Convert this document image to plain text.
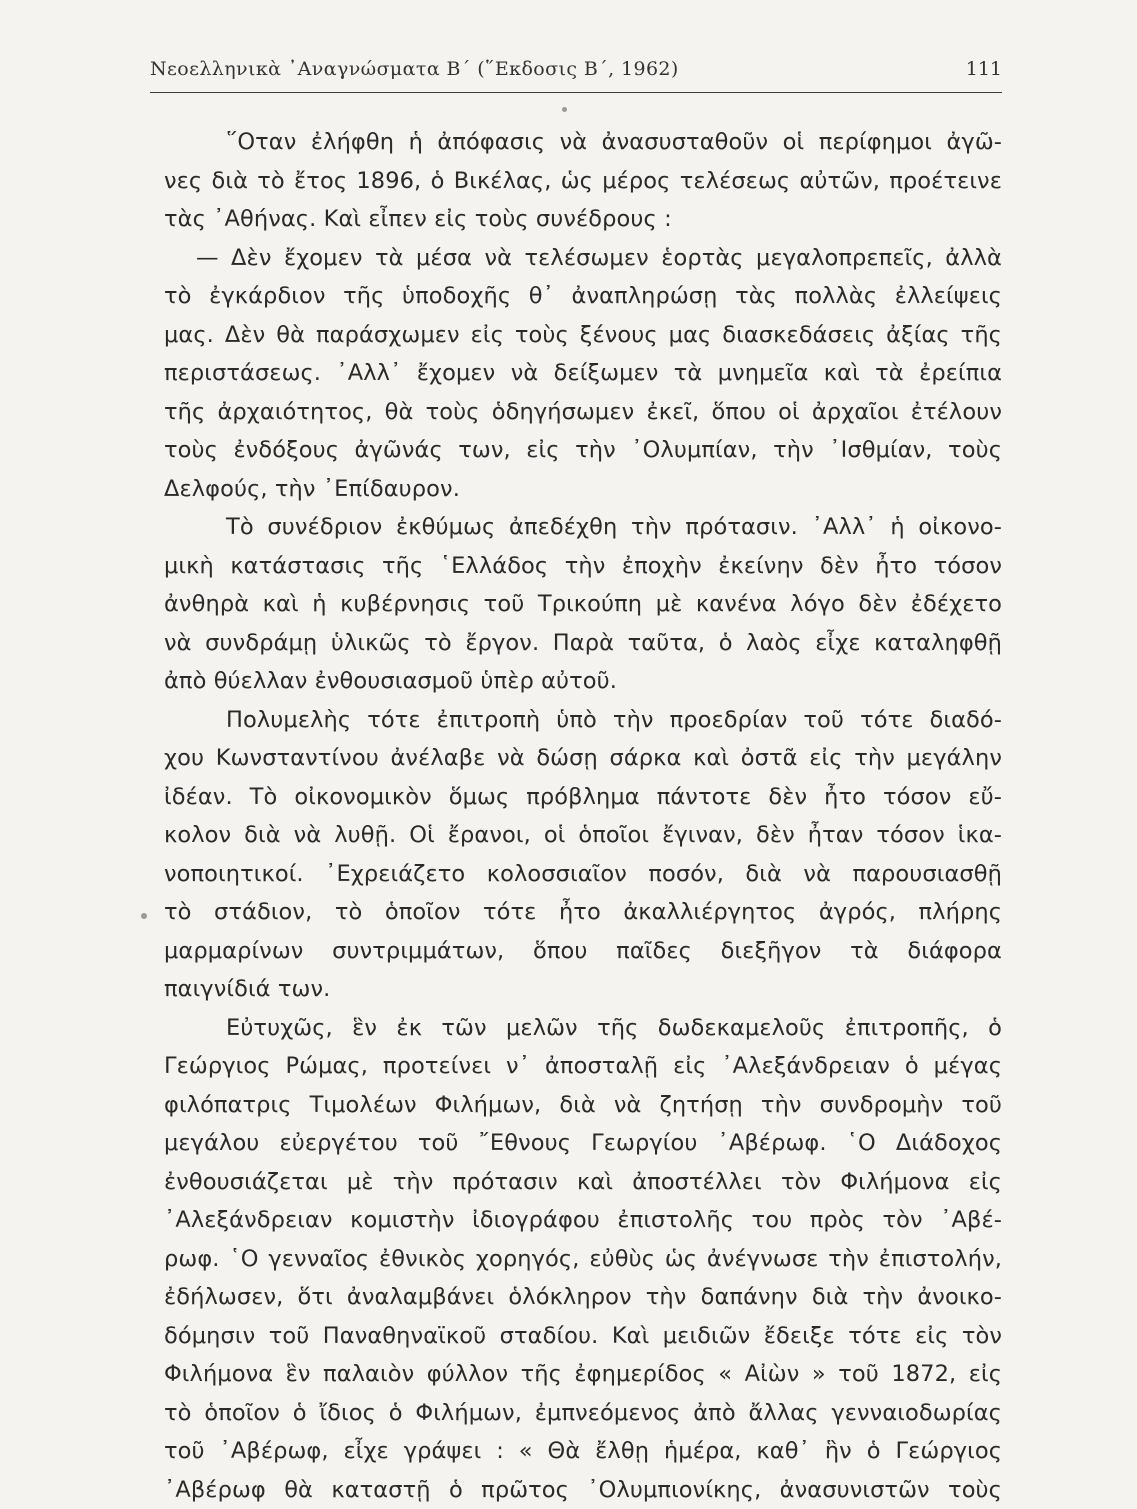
Νεοελληνικὰ ᾿Αναγνώσματα Β΄ (῞Εκδοσις Β΄, 1962)	111
῞Οταν ἐλήφθη ἡ ἀπόφασις νὰ ἀνασυσταθοῦν οἱ περίφημοι ἀγῶ-
νες διὰ τὸ ἔτος 1896, ὁ Βικέλας, ὡς μέρος τελέσεως αὐτῶν, προέτεινε
τὰς ᾿Αθήνας. Καὶ εἶπεν εἰς τοὺς συνέδρους :
— Δὲν ἔχομεν τὰ μέσα νὰ τελέσωμεν ἑορτὰς μεγαλοπρεπεῖς, ἀλλὰ
τὸ ἐγκάρδιον τῆς ὑποδοχῆς θ᾿ ἀναπληρώσῃ τὰς πολλὰς ἐλλείψεις
μας. Δὲν θὰ παράσχωμεν εἰς τοὺς ξένους μας διασκεδάσεις ἀξίας τῆς
περιστάσεως. ᾿Αλλ᾿ ἔχομεν νὰ δείξωμεν τὰ μνημεῖα καὶ τὰ ἐρείπια
τῆς ἀρχαιότητος, θὰ τοὺς ὁδηγήσωμεν ἐκεῖ, ὅπου οἱ ἀρχαῖοι ἐτέλουν
τοὺς ἐνδόξους ἀγῶνάς των, εἰς τὴν ᾿Ολυμπίαν, τὴν ᾿Ισθμίαν, τοὺς
Δελφούς, τὴν ᾿Επίδαυρον.
Τὸ συνέδριον ἐκθύμως ἀπεδέχθη τὴν πρότασιν. ᾿Αλλ᾿ ἡ οἰκονο-
μικὴ κατάστασις τῆς ῾Ελλάδος τὴν ἐποχὴν ἐκείνην δὲν ἦτο τόσον
ἀνθηρὰ καὶ ἡ κυβέρνησις τοῦ Τρικούπη μὲ κανένα λόγο δὲν ἐδέχετο
νὰ συνδράμῃ ὑλικῶς τὸ ἔργον. Παρὰ ταῦτα, ὁ λαὸς εἶχε καταληφθῇ
ἀπὸ θύελλαν ἐνθουσιασμοῦ ὑπὲρ αὐτοῦ.
Πολυμελὴς τότε ἐπιτροπὴ ὑπὸ τὴν προεδρίαν τοῦ τότε διαδό-
χου Κωνσταντίνου ἀνέλαβε νὰ δώσῃ σάρκα καὶ ὀστᾶ εἰς τὴν μεγάλην
ἰδέαν. Τὸ οἰκονομικὸν ὅμως πρόβλημα πάντοτε δὲν ἦτο τόσον εὔ-
κολον διὰ νὰ λυθῇ. Οἱ ἔρανοι, οἱ ὁποῖοι ἔγιναν, δὲν ἦταν τόσον ἱκα-
νοποιητικοί. ᾿Εχρειάζετο κολοσσιαῖον ποσόν, διὰ νὰ παρουσιασθῇ
τὸ στάδιον, τὸ ὁποῖον τότε ἦτο ἀκαλλιέργητος ἀγρός, πλήρης
μαρμαρίνων συντριμμάτων, ὅπου παῖδες διεξῆγον τὰ διάφορα
παιγνίδιά των.
Εὐτυχῶς, ἓν ἐκ τῶν μελῶν τῆς δωδεκαμελοῦς ἐπιτροπῆς, ὁ
Γεώργιος Ρώμας, προτείνει ν᾿ ἀποσταλῇ εἰς ᾿Αλεξάνδρειαν ὁ μέγας
φιλόπατρις Τιμολέων Φιλήμων, διὰ νὰ ζητήσῃ τὴν συνδρομὴν τοῦ
μεγάλου εὐεργέτου τοῦ ῎Εθνους Γεωργίου ᾿Αβέρωφ. ῾Ο Διάδοχος
ἐνθουσιάζεται μὲ τὴν πρότασιν καὶ ἀποστέλλει τὸν Φιλήμονα εἰς
᾿Αλεξάνδρειαν κομιστὴν ἰδιογράφου ἐπιστολῆς του πρὸς τὸν ᾿Αβέ-
ρωφ. ῾Ο γενναῖος ἐθνικὸς χορηγός, εὐθὺς ὡς ἀνέγνωσε τὴν ἐπιστολήν,
ἐδήλωσεν, ὅτι ἀναλαμβάνει ὁλόκληρον τὴν δαπάνην διὰ τὴν ἀνοικο-
δόμησιν τοῦ Παναθηναϊκοῦ σταδίου. Καὶ μειδιῶν ἔδειξε τότε εἰς τὸν
Φιλήμονα ἓν παλαιὸν φύλλον τῆς ἐφημερίδος « Αἰὼν » τοῦ 1872, εἰς
τὸ ὁποῖον ὁ ἴδιος ὁ Φιλήμων, ἐμπνεόμενος ἀπὸ ἄλλας γενναιοδωρίας
τοῦ ᾿Αβέρωφ, εἶχε γράψει : « Θὰ ἔλθῃ ἡμέρα, καθ᾿ ἣν ὁ Γεώργιος
᾿Αβέρωφ θὰ καταστῇ ὁ πρῶτος ᾿Ολυμπιονίκης, ἀνασυνιστῶν τοὺς
